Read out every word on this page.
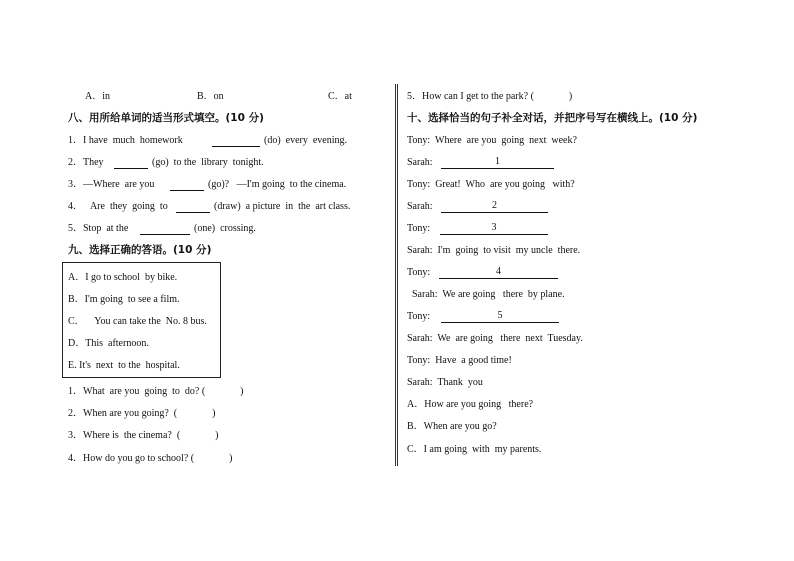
A．in	B．on	C．at
八、用所给单词的适当形式填空。(10 分)
1．I have  much  homework	(do)  every  evening.
2．They	(go)  to the  library  tonight.
3．—Where  are you	(go)?   —I'm going  to the cinema.
4．   Are  they  going  to	(draw)  a picture  in  the  art class.
5．Stop  at the	(one)  crossing.
九、选择正确的答语。(10 分)
A．I go to school  by bike.
B．I'm going  to see a film.
C．    You can take the  No. 8 bus.
D．This  afternoon.
E. It's  next  to the  hospital.
1．What  are you  going  to  do? (              )
2．When are you going?  (              )
3．Where is  the cinema?  (              )
4．How do you go to school? (              )
5．How can I get to the park? (              )
十、选择恰当的句子补全对话，并把序号写在横线上。(10 分)
Tony:  Where  are you  going  next  week?
Sarah:	1
Tony:  Great!  Who  are you going   with?
Sarah:	2
Tony:	3
Sarah:  I'm  going  to visit  my uncle  there.
Tony:	4
Sarah:  We are going   there  by plane.
Tony:	5
Sarah:  We  are going   there  next  Tuesday.
Tony:  Have  a good time!
Sarah:  Thank  you
A．How are you going   there?
B．When are you go?
C．I am going  with  my parents.
